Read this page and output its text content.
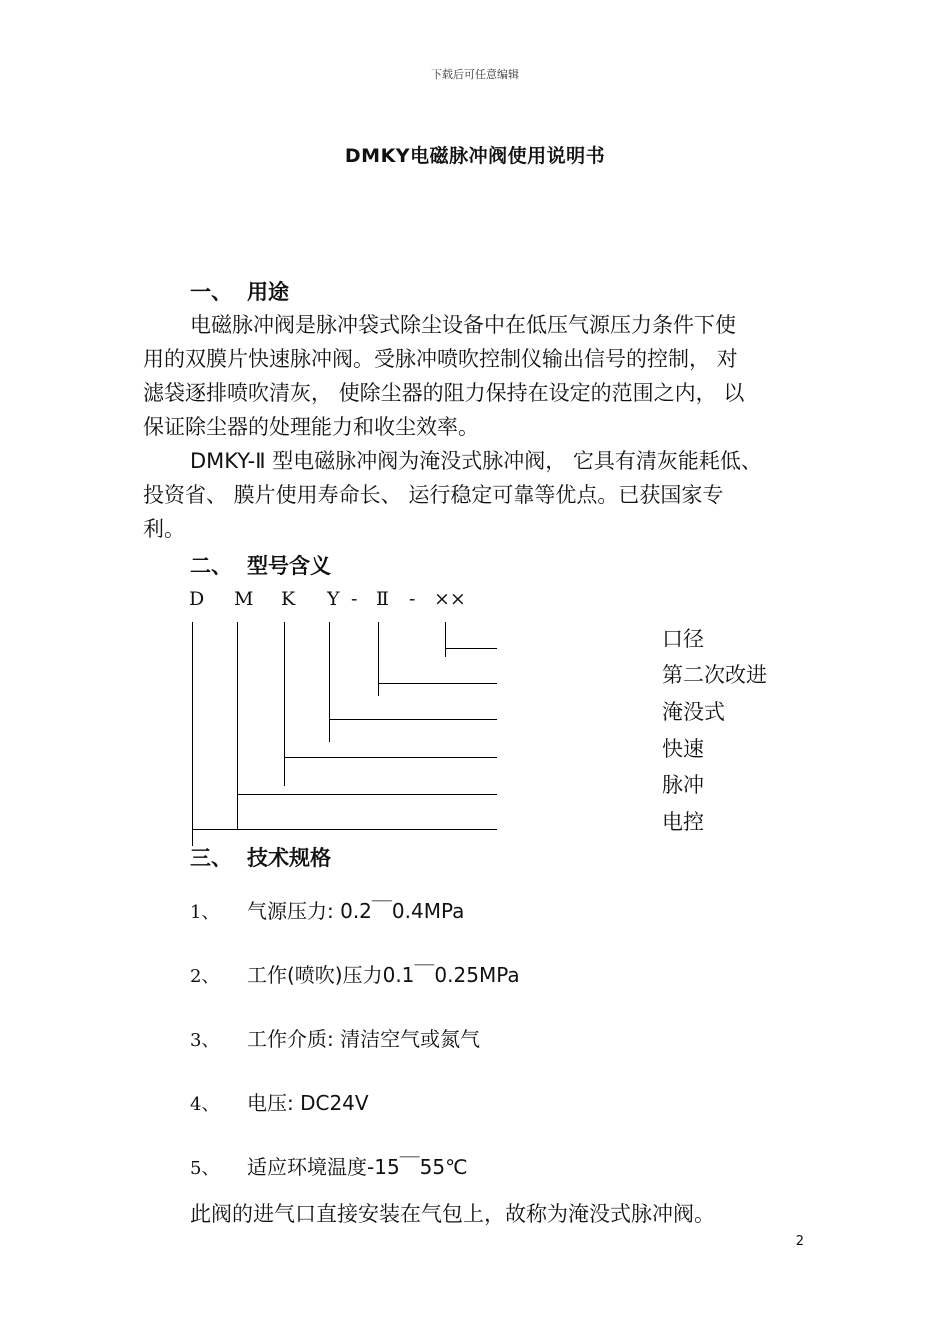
下载后可任意编辑
DMKY电磁脉冲阀使用说明书
一、 用途
电磁脉冲阀是脉冲袋式除尘设备中在低压气源压力条件下使
用的双膜片快速脉冲阀。受脉冲喷吹控制仪输出信号的控制， 对
滤袋逐排喷吹清灰， 使除尘器的阻力保持在设定的范围之内， 以
保证除尘器的处理能力和收尘效率。
DMKY-Ⅱ 型电磁脉冲阀为淹没式脉冲阀， 它具有清灰能耗低、
投资省、 膜片使用寿命长、 运行稳定可靠等优点。已获国家专
利。
二、 型号含义
D M K Y - Ⅱ - ××
口径
第二次改进
淹没式
快速
脉冲
电控
三、 技术规格
1、 气源压力: 0.2￣0.4MPa
2、 工作(喷吹)压力0.1￣0.25MPa
3、 工作介质: 清洁空气或氮气
4、 电压: DC24V
5、 适应环境温度-15￣55℃
此阀的进气口直接安装在气包上，故称为淹没式脉冲阀。
2
